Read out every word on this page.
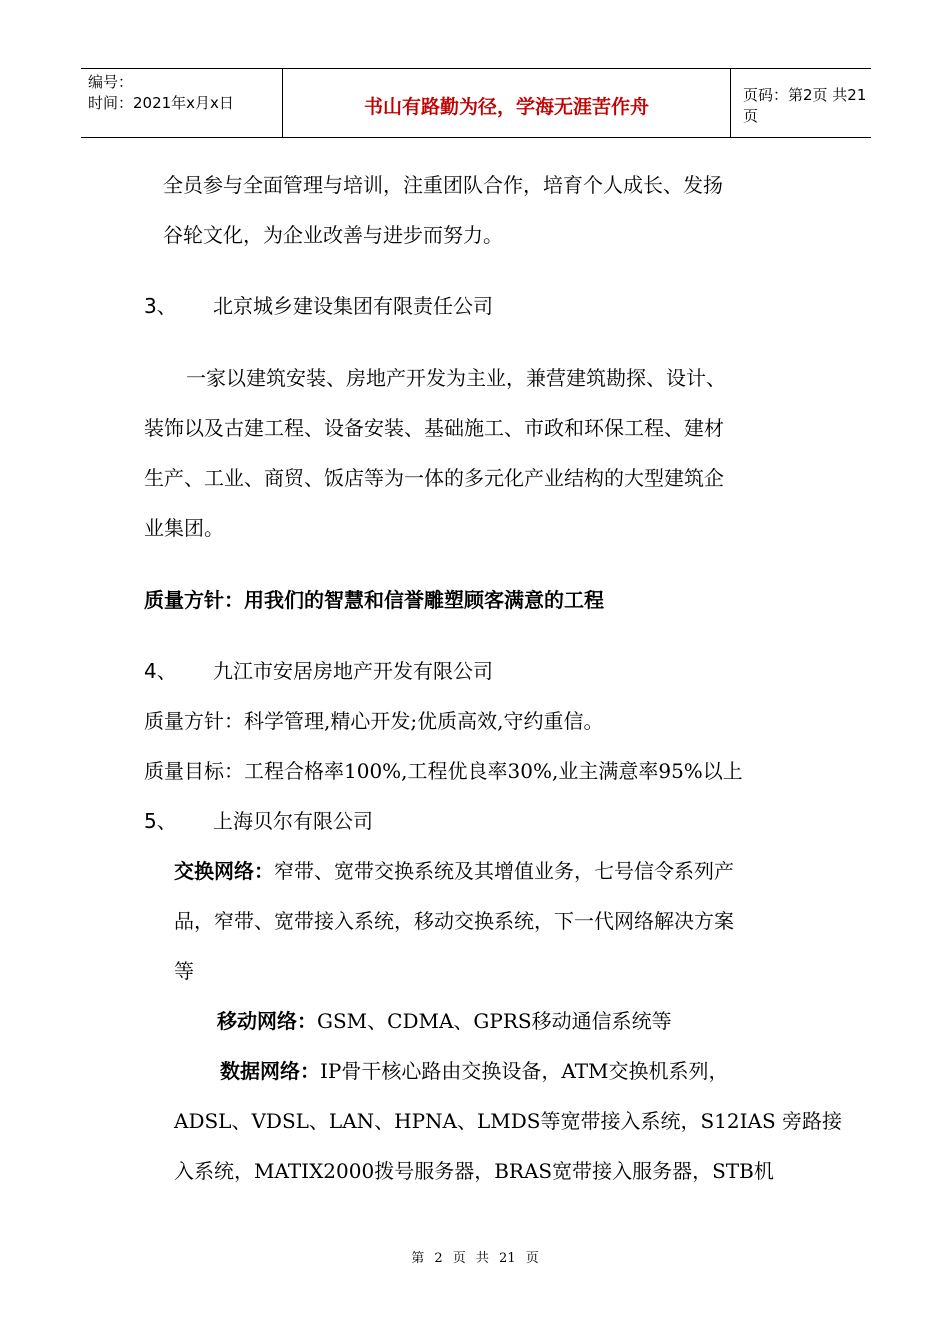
编号：
时间：2021年x月x日	书山有路勤为径，学海无涯苦作舟
页码：第2页 共21页
全员参与全面管理与培训，注重团队合作，培育个人成长、发扬
谷轮文化，为企业改善与进步而努力。
3、 北京城乡建设集团有限责任公司
一家以建筑安装、房地产开发为主业，兼营建筑勘探、设计、
装饰以及古建工程、设备安装、基础施工、市政和环保工程、建材
生产、工业、商贸、饭店等为一体的多元化产业结构的大型建筑企
业集团。
质量方针：用我们的智慧和信誉雕塑顾客满意的工程
4、 九江市安居房地产开发有限公司
质量方针：科学管理,精心开发;优质高效,守约重信。
质量目标：工程合格率100%,工程优良率30%,业主满意率95%以上
5、 上海贝尔有限公司
交换网络：窄带、宽带交换系统及其增值业务，七号信令系列产
品，窄带、宽带接入系统，移动交换系统，下一代网络解决方案
等
移动网络：GSM、CDMA、GPRS移动通信系统等
数据网络：IP骨干核心路由交换设备，ATM交换机系列，
ADSL、VDSL、LAN、HPNA、LMDS等宽带接入系统，S12IAS 旁路接
入系统，MATIX2000拨号服务器，BRAS宽带接入服务器，STB机
第 2 页 共 21 页
